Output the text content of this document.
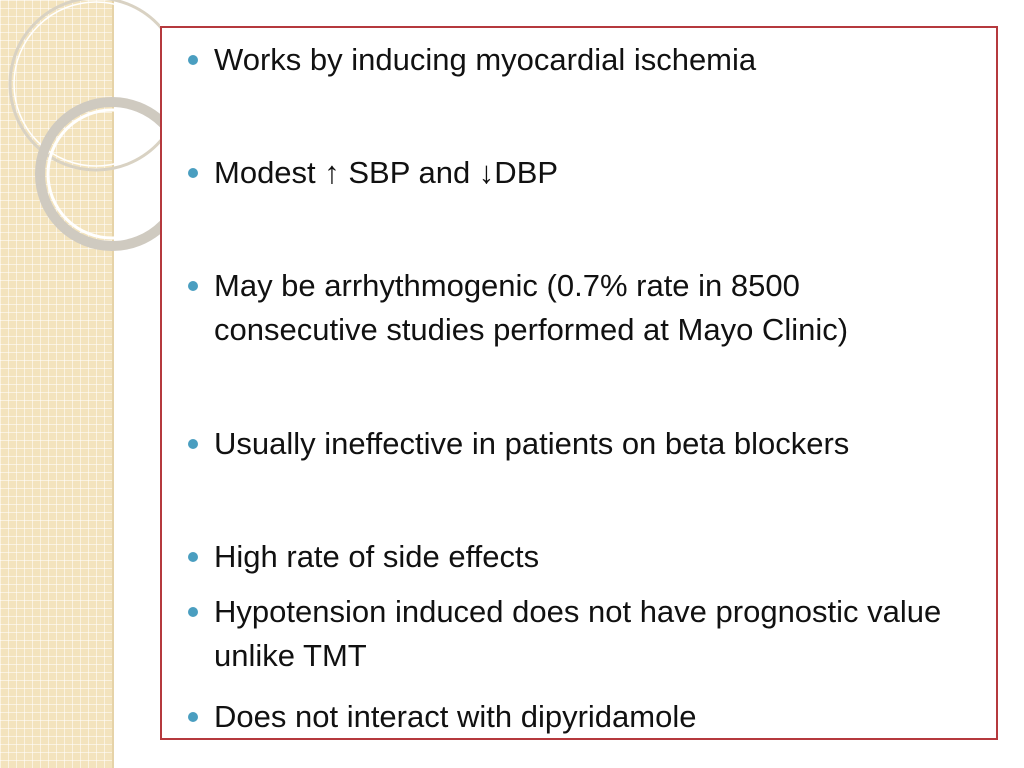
Works by inducing myocardial ischemia
Modest ↑ SBP and ↓DBP
May be arrhythmogenic (0.7% rate in 8500 consecutive studies performed at Mayo Clinic)
Usually ineffective in patients on beta blockers
High rate of side effects
Hypotension induced does not have prognostic value unlike TMT
Does not interact with dipyridamole
